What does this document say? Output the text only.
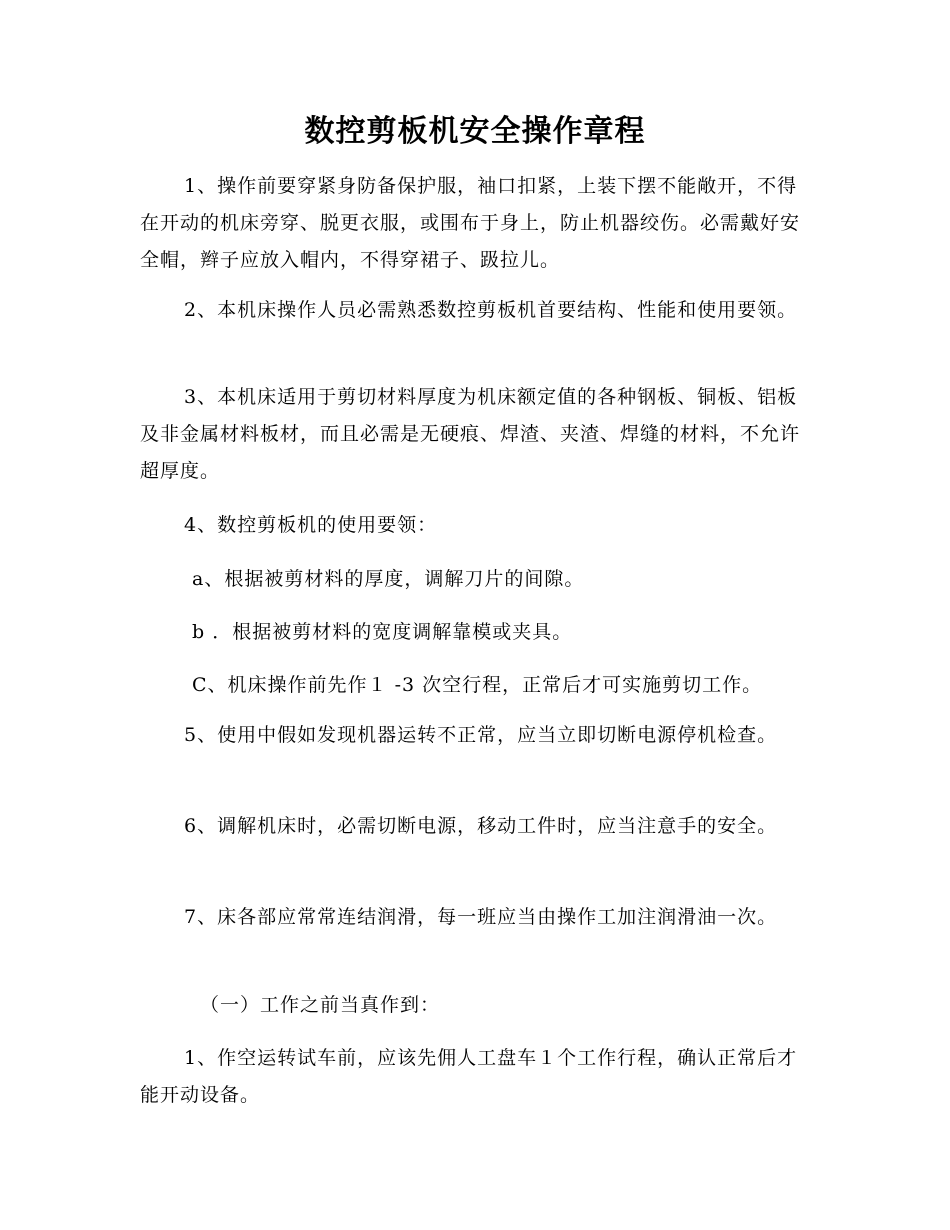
数控剪板机安全操作章程

1、操作前要穿紧身防备保护服，袖口扣紧，上装下摆不能敞开，不得在开动的机床旁穿、脱更衣服，或围布于身上，防止机器绞伤。必需戴好安全帽，辫子应放入帽内，不得穿裙子、趿拉儿。

2、本机床操作人员必需熟悉数控剪板机首要结构、性能和使用要领。

3、本机床适用于剪切材料厚度为机床额定值的各种钢板、铜板、铝板及非金属材料板材，而且必需是无硬痕、焊渣、夹渣、焊缝的材料，不允许超厚度。

4、数控剪板机的使用要领：

a、根据被剪材料的厚度，调解刀片的间隙。

b ．根据被剪材料的宽度调解靠模或夹具。

C、机床操作前先作１ -3 次空行程，正常后才可实施剪切工作。

5、使用中假如发现机器运转不正常，应当立即切断电源停机检查。

6、调解机床时，必需切断电源，移动工件时，应当注意手的安全。

7、床各部应常常连结润滑，每一班应当由操作工加注润滑油一次。

（一）工作之前当真作到：

1、作空运转试车前，应该先佣人工盘车１个工作行程，确认正常后才能开动设备。
